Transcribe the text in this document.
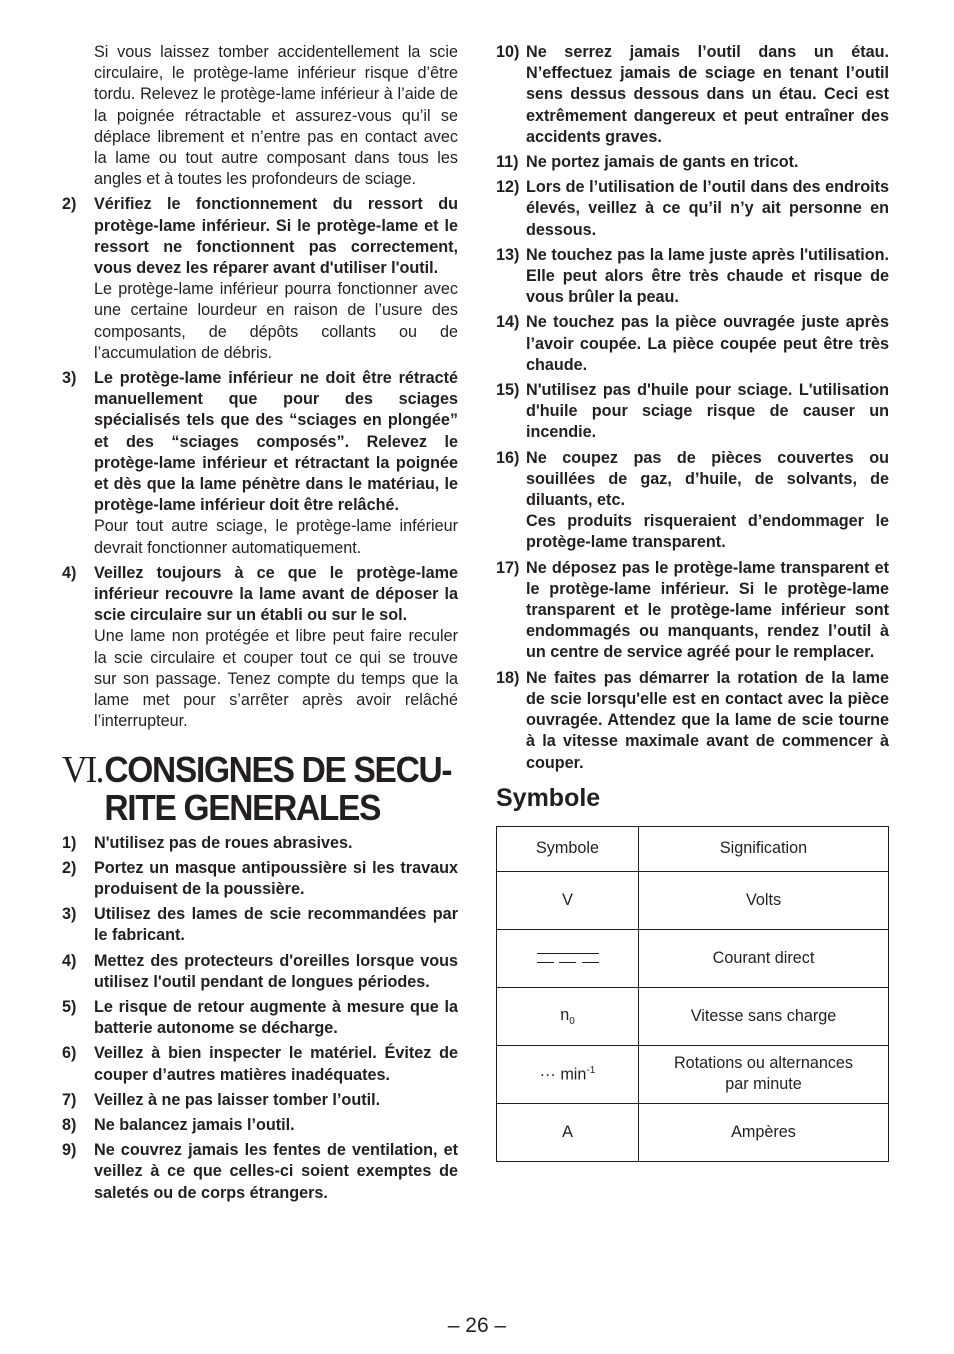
Si vous laissez tomber accidentellement la scie circulaire, le protège-lame inférieur risque d’être tordu. Relevez le protège-lame inférieur à l’aide de la poignée rétractable et assurez-vous qu’il se déplace librement et n’entre pas en contact avec la lame ou tout autre composant dans tous les angles et à toutes les profondeurs de sciage.

2)	Vérifiez le fonctionnement du ressort du protège-lame inférieur. Si le protège-lame et le ressort ne fonctionnent pas correctement, vous devez les réparer avant d'utiliser l'outil.

Le protège-lame inférieur pourra fonctionner avec une certaine lourdeur en raison de l’usure des composants, de dépôts collants ou de l’accumulation de débris.

3)	Le protège-lame inférieur ne doit être rétracté manuellement que pour des sciages spécialisés tels que des “sciages en plongée” et des “sciages composés”. Relevez le protège-lame inférieur et rétractant la poignée et dès que la lame pénètre dans le matériau, le protège-lame inférieur doit être relâché.

Pour tout autre sciage, le protège-lame inférieur devrait fonctionner automatiquement.

4)	Veillez toujours à ce que le protège-lame inférieur recouvre la lame avant de déposer la scie circulaire sur un établi ou sur le sol.

Une lame non protégée et libre peut faire reculer la scie circulaire et couper tout ce qui se trouve sur son passage. Tenez compte du temps que la lame met pour s’arrêter après avoir relâché l’interrupteur.

VI. CONSIGNES DE SECU-
RITE GENERALES
1)	N'utilisez pas de roues abrasives.

2)	Portez un masque antipoussière si les travaux produisent de la poussière.

3)	Utilisez des lames de scie recommandées par le fabricant.

4)	Mettez des protecteurs d'oreilles lorsque vous utilisez l'outil pendant de longues périodes.

5)	Le risque de retour augmente à mesure que la batterie autonome se décharge.

6)	Veillez à bien inspecter le matériel. Évitez de couper d’autres matières inadéquates.

7)	Veillez à ne pas laisser tomber l’outil.

8)	Ne balancez jamais l’outil.

9)	Ne couvrez jamais les fentes de ventilation, et veillez à ce que celles-ci soient exemptes de saletés ou de corps étrangers.

10) Ne serrez jamais l’outil dans un étau. N’effectuez jamais de sciage en tenant l’outil sens dessus dessous dans un étau. Ceci est extrêmement dangereux et peut entraîner des accidents graves.

11) Ne portez jamais de gants en tricot.

12) Lors de l’utilisation de l’outil dans des endroits élevés, veillez à ce qu’il n’y ait personne en dessous.

13) Ne touchez pas la lame juste après l'utilisation. Elle peut alors être très chaude et risque de vous brûler la peau.

14) Ne touchez pas la pièce ouvragée juste après l’avoir coupée. La pièce coupée peut être très chaude.

15) N'utilisez pas d'huile pour sciage. L'utilisation d'huile pour sciage risque de causer un incendie.

16) Ne coupez pas de pièces couvertes ou souillées de gaz, d’huile, de solvants, de diluants, etc.

Ces produits risqueraient d’endommager le protège-lame transparent.

17) Ne déposez pas le protège-lame transparent et le protège-lame inférieur. Si le protège-lame transparent et le protège-lame inférieur sont endommagés ou manquants, rendez l’outil à un centre de service agréé pour le remplacer.

18) Ne faites pas démarrer la rotation de la lame de scie lorsqu'elle est en contact avec la pièce ouvragée. Attendez que la lame de scie tourne à la vitesse maximale avant de commencer à couper.

Symbole
Symbole	Signification
V	Volts

	Courant direct
$n_0$	Vitesse sans charge
··· $\min^{-1}$	Rotations ou alternances
par minute

A	Ampères
– 26 –
